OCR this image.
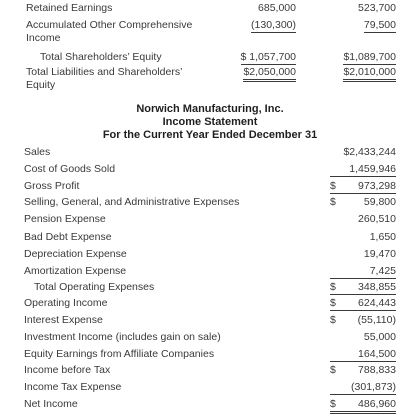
Retained Earnings	685,000	523,700
Accumulated Other Comprehensive	(130,300)	79,500
Income
Total Shareholders’ Equity	$ 1,057,700	$1,089,700
Total Liabilities and Shareholders’	$2,050,000	$2,010,000
Equity
Norwich Manufacturing, Inc.
Income Statement
For the Current Year Ended December 31
Sales	$2,433,244
Cost of Goods Sold	1,459,946
Gross Profit	$ 973,298
Selling, General, and Administrative Expenses	$	59,800
Pension Expense	260,510
Bad Debt Expense	1,650
Depreciation Expense	19,470
Amortization Expense	7,425
Total Operating Expenses	$ 348,855
Operating Income	$ 624,443
Interest Expense	$ (55,110)
Investment Income (includes gain on sale)	55,000
Equity Earnings from Affiliate Companies	164,500
Income before Tax	$ 788,833
Income Tax Expense	(301,873)
Net Income	$ 486,960
